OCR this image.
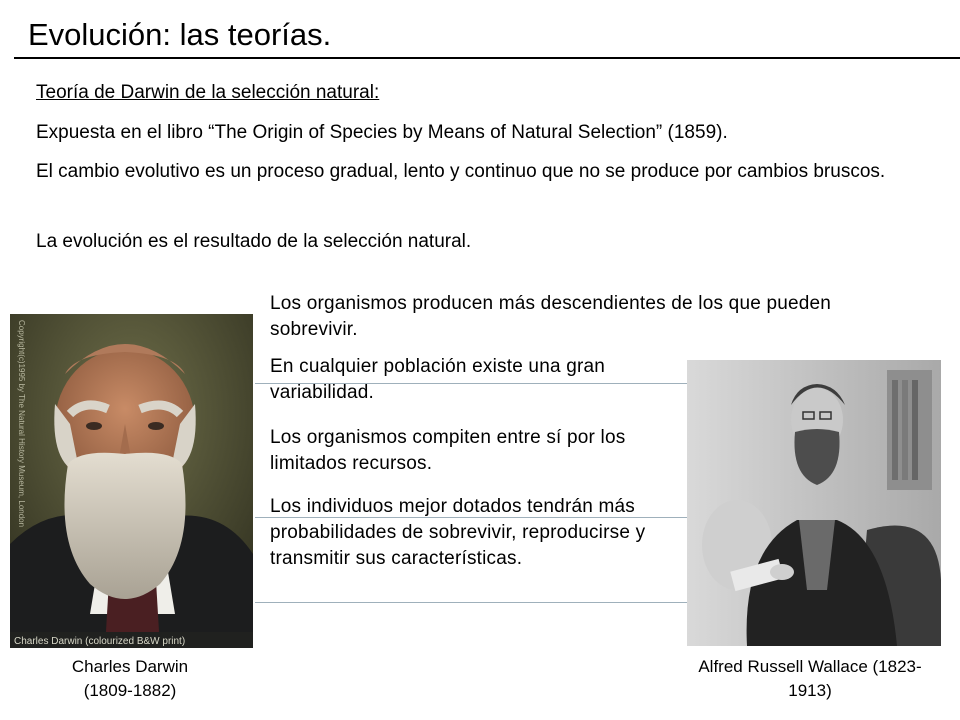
Evolución: las teorías.
Teoría de Darwin de la selección natural:
Expuesta en el libro “The Origin of Species by Means of Natural Selection” (1859).
El cambio evolutivo es un proceso gradual, lento y continuo que no se produce por cambios bruscos.
La evolución es el resultado de la selección natural.
Charles Darwin (colourized B&W print)
Copyright(c)1995 by The Natural History Museum, London
Los organismos producen más descendientes de los que pueden sobrevivir.
En cualquier población existe una gran variabilidad.
Los organismos compiten entre sí por los limitados recursos.
Los individuos mejor dotados tendrán más probabilidades de sobrevivir, reproducirse y transmitir sus características.
Charles Darwin
(1809-1882)
Alfred Russell Wallace (1823-
1913)
